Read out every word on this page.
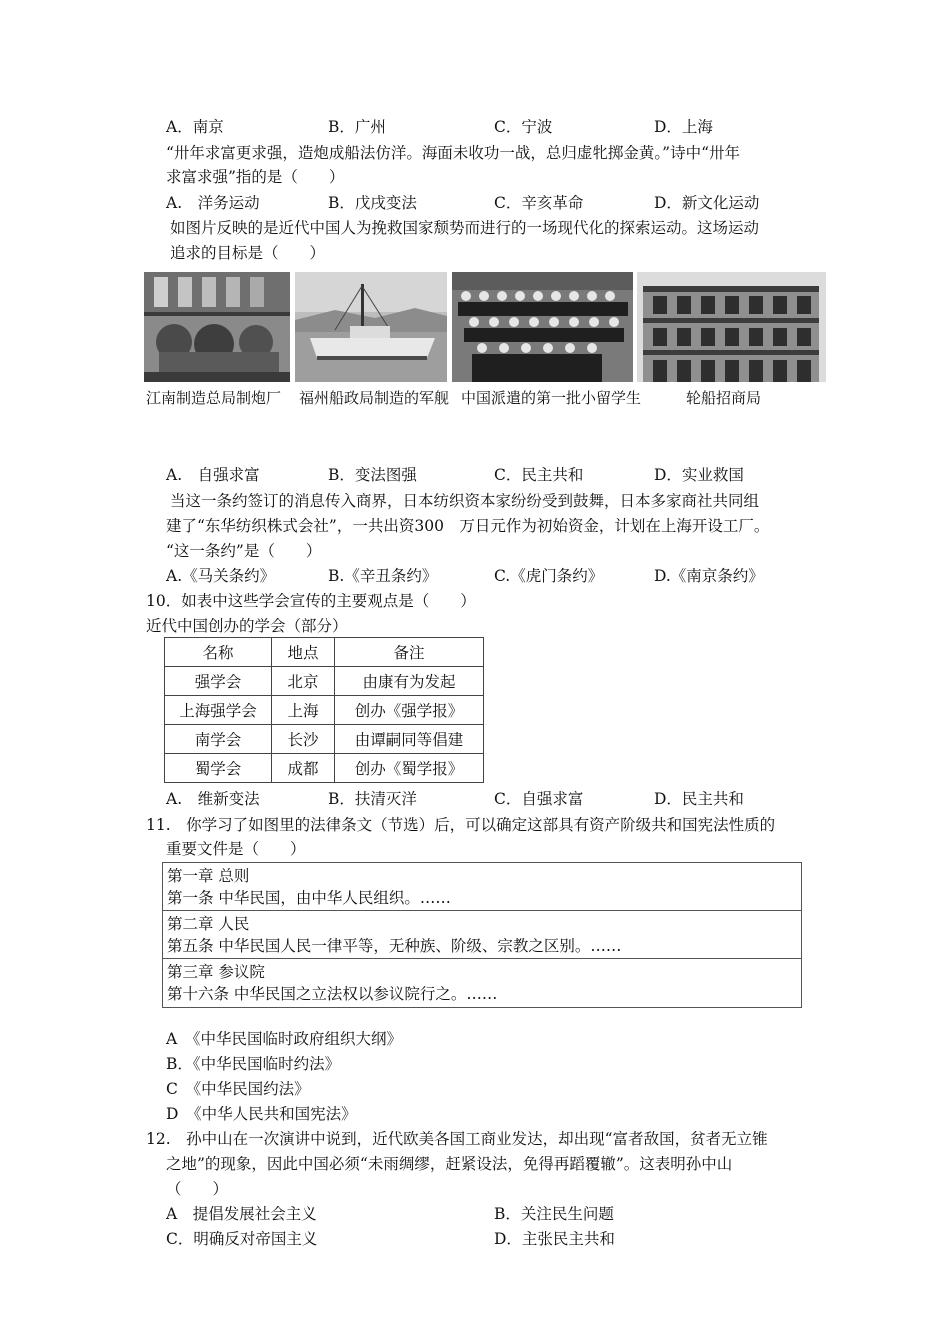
A．南京	B．广州	C．宁波	D．上海
“卅年求富更求强，造炮成船法仿洋。海面未收功一战，总归虚牝掷金黄。”诗中“卅年
求富求强”指的是（　　）
A.　洋务运动	B．戊戌变法	C．辛亥革命	D．新文化运动
如图片反映的是近代中国人为挽救国家颓势而进行的一场现代化的探索运动。这场运动
追求的目标是（　　）
江南制造总局制炮厂 福州船政局制造的军舰 中国派遣的第一批小留学生	轮船招商局
A.　自强求富	B．变法图强	C．民主共和	D．实业救国
当这一条约签订的消息传入商界，日本纺织资本家纷纷受到鼓舞，日本多家商社共同组
建了“东华纺织株式会社”，一共出资300　万日元作为初始资金，计划在上海开设工厂。
“这一条约”是（　　）
A.《马关条约》	B.《辛丑条约》	C.《虎门条约》	D.《南京条约》
10．如表中这些学会宣传的主要观点是（　　）
近代中国创办的学会（部分）
名称	地点	备注
强学会	北京	由康有为发起
上海强学会	上海	创办《强学报》
南学会	长沙	由谭嗣同等倡建
蜀学会	成都	创办《蜀学报》
A.　维新变法	B．扶清灭洋	C．自强求富	D．民主共和
11.　你学习了如图里的法律条文（节选）后，可以确定这部具有资产阶级共和国宪法性质的
重要文件是（　　）
第一章 总则
第一条 中华民国，由中华人民组织。……
第二章 人民
第五条 中华民国人民一律平等，无种族、阶级、宗教之区别。……
第三章 参议院
第十六条 中华民国之立法权以参议院行之。……
A　《中华民国临时政府组织大纲》
B．《中华民国临时约法》
C　《中华民国约法》
D　《中华人民共和国宪法》
12.　孙中山在一次演讲中说到，近代欧美各国工商业发达，却出现“富者敌国，贫者无立锥
之地”的现象，因此中国必须“未雨绸缪，赶紧设法，免得再蹈覆辙”。这表明孙中山
（　　）
A　提倡发展社会主义	B．关注民生问题
C．明确反对帝国主义	D．主张民主共和
